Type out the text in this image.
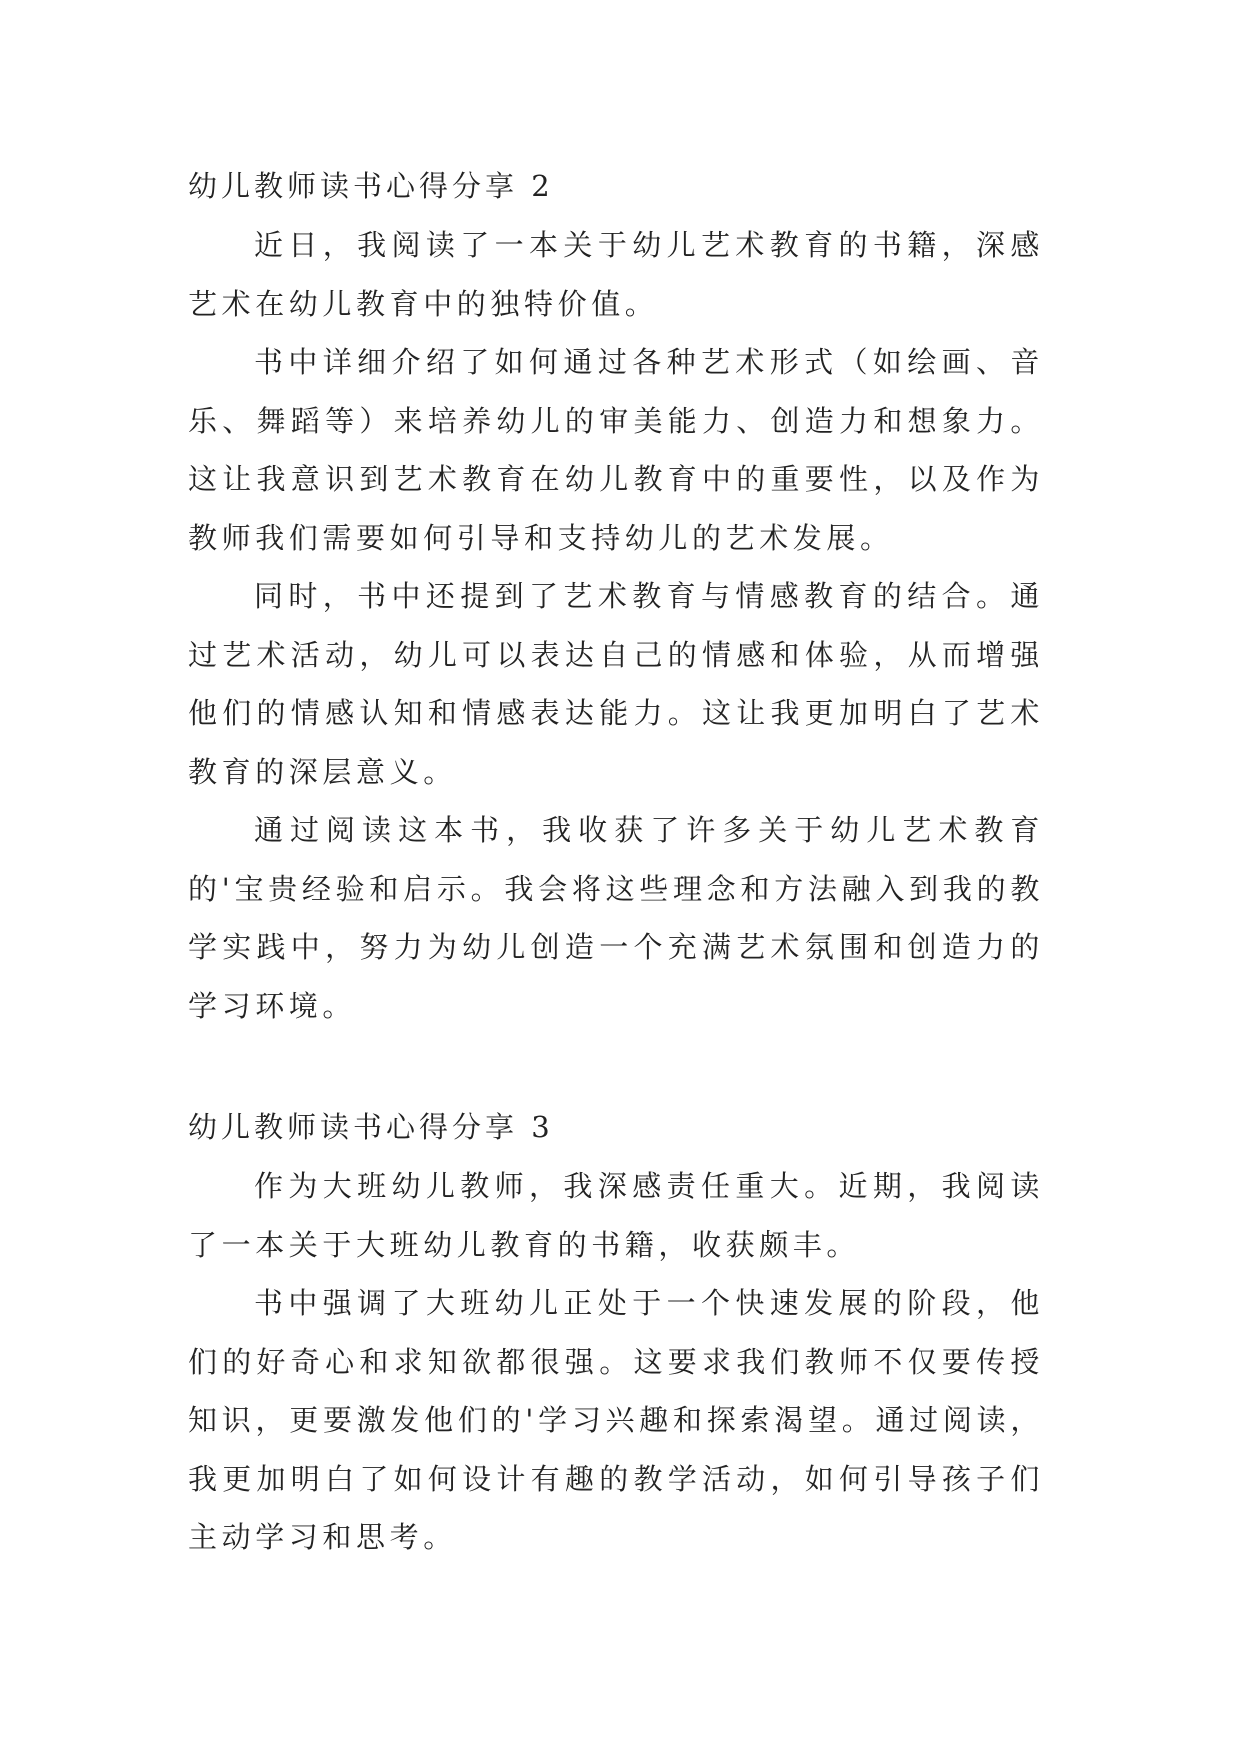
幼儿教师读书心得分享 2

近日，我阅读了一本关于幼儿艺术教育的书籍，深感艺术在幼儿教育中的独特价值。

书中详细介绍了如何通过各种艺术形式（如绘画、音乐、舞蹈等）来培养幼儿的审美能力、创造力和想象力。这让我意识到艺术教育在幼儿教育中的重要性，以及作为教师我们需要如何引导和支持幼儿的艺术发展。

同时，书中还提到了艺术教育与情感教育的结合。通过艺术活动，幼儿可以表达自己的情感和体验，从而增强他们的情感认知和情感表达能力。这让我更加明白了艺术教育的深层意义。

通过阅读这本书，我收获了许多关于幼儿艺术教育的'宝贵经验和启示。我会将这些理念和方法融入到我的教学实践中，努力为幼儿创造一个充满艺术氛围和创造力的学习环境。

幼儿教师读书心得分享 3

作为大班幼儿教师，我深感责任重大。近期，我阅读了一本关于大班幼儿教育的书籍，收获颇丰。

书中强调了大班幼儿正处于一个快速发展的阶段，他们的好奇心和求知欲都很强。这要求我们教师不仅要传授知识，更要激发他们的'学习兴趣和探索渴望。通过阅读，我更加明白了如何设计有趣的教学活动，如何引导孩子们主动学习和思考。
